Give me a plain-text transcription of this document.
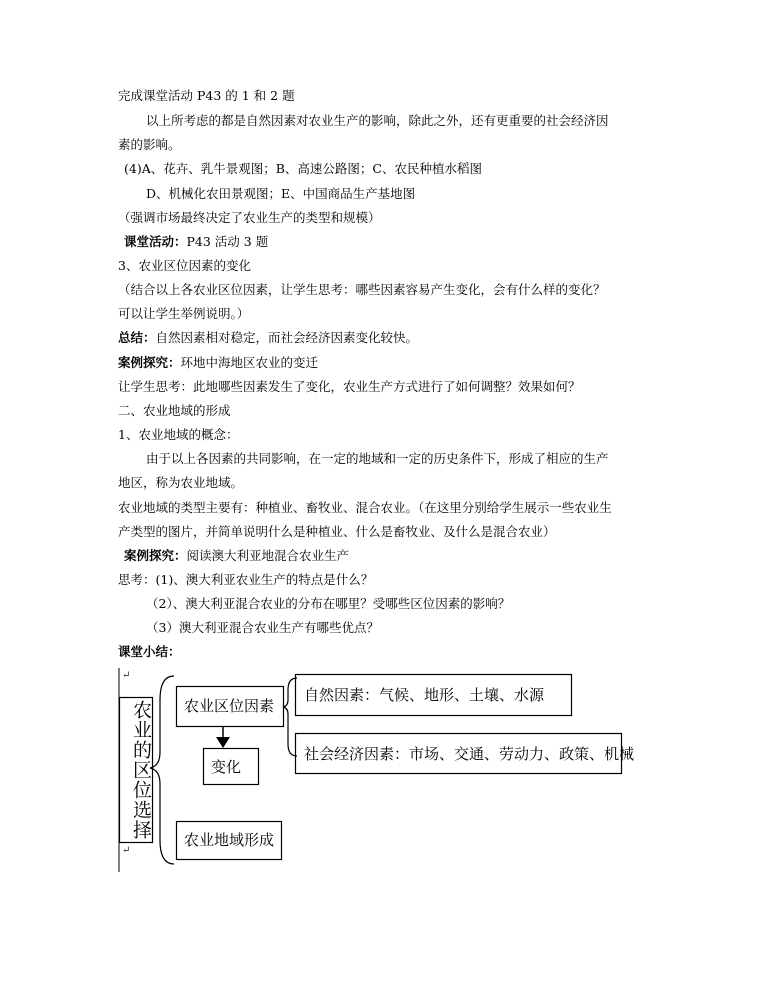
完成课堂活动 P43 的 1 和 2 题
以上所考虑的都是自然因素对农业生产的影响，除此之外，还有更重要的社会经济因
素的影响。
(4)A、花卉、乳牛景观图；B、高速公路图；C、农民种植水稻图
D、机械化农田景观图；E、中国商品生产基地图
（强调市场最终决定了农业生产的类型和规模）
课堂活动：P43 活动 3 题
3、农业区位因素的变化
（结合以上各农业区位因素，让学生思考：哪些因素容易产生变化，会有什么样的变化？
可以让学生举例说明。）
总结：自然因素相对稳定，而社会经济因素变化较快。
案例探究：环地中海地区农业的变迁
让学生思考：此地哪些因素发生了变化，农业生产方式进行了如何调整？效果如何？
二、农业地域的形成
1、农业地域的概念：
由于以上各因素的共同影响，在一定的地域和一定的历史条件下，形成了相应的生产
地区，称为农业地域。
农业地域的类型主要有：种植业、畜牧业、混合农业。（在这里分别给学生展示一些农业生
产类型的图片，并简单说明什么是种植业、什么是畜牧业、及什么是混合农业）
案例探究：阅读澳大利亚地混合农业生产
思考：(1)、澳大利亚农业生产的特点是什么？
（2）、澳大利亚混合农业的分布在哪里？受哪些区位因素的影响？
（3）澳大利亚混合农业生产有哪些优点？
课堂小结：
↵
↵
农业的区位选择 农业区位因素
变化
农业地域形成
自然因素：气候、地形、土壤、水源
社会经济因素：市场、交通、劳动力、政策、机械
